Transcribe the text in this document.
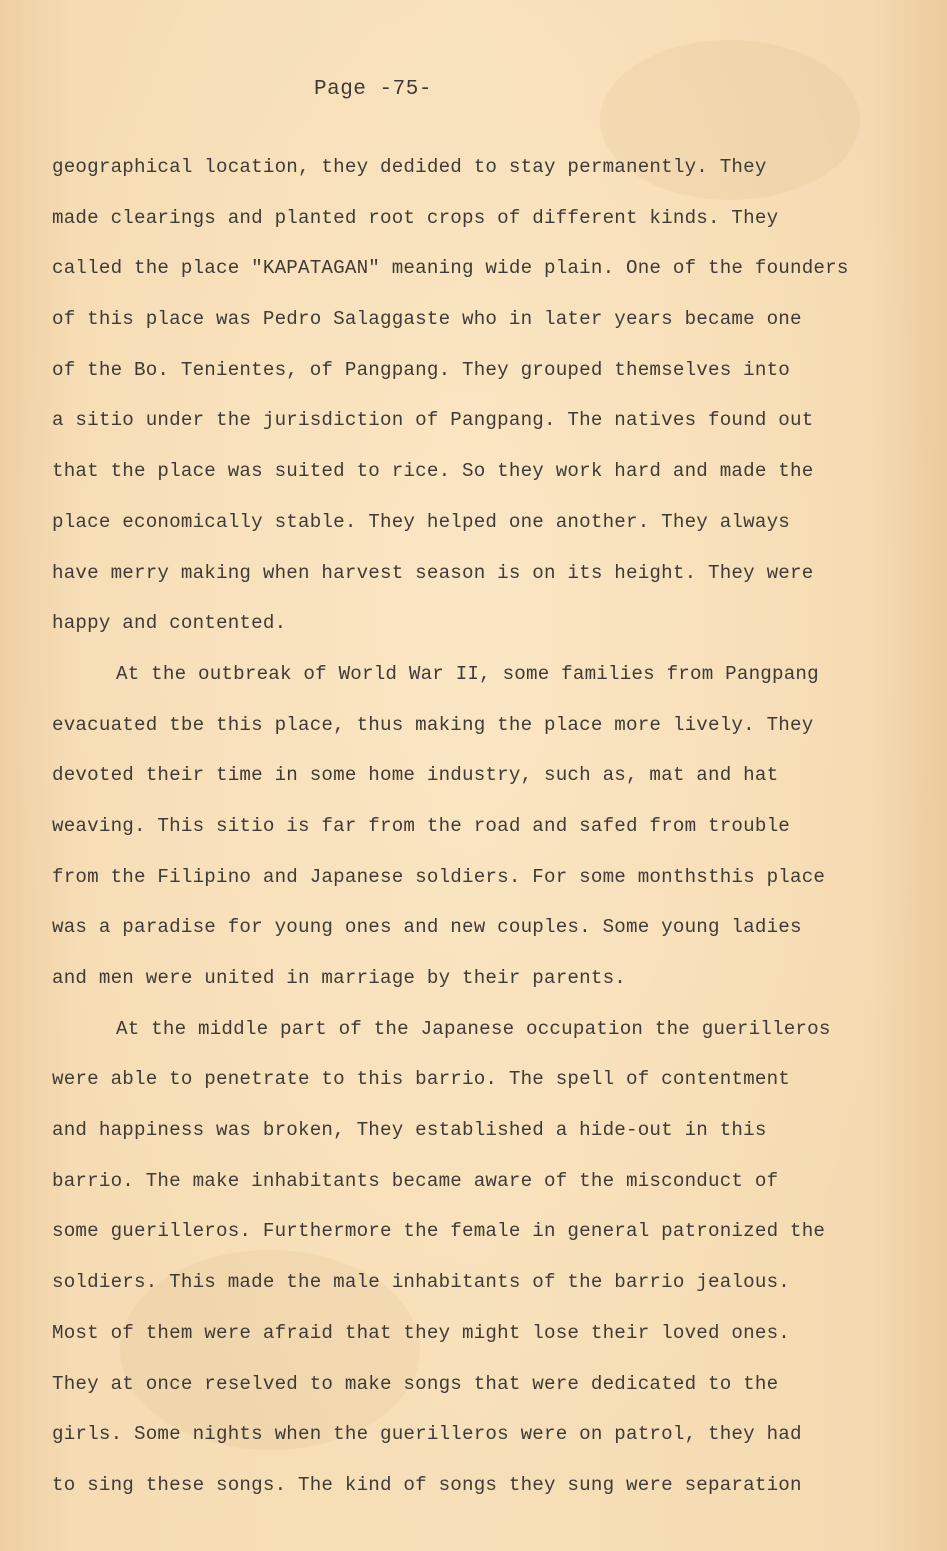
Page -75-
geographical location, they dedided to stay permanently. They
made clearings and planted root crops of different kinds. They
called the place "KAPATAGAN" meaning wide plain. One of the founders
of this place was Pedro Salaggaste who in later years became one
of the Bo. Tenientes, of Pangpang. They grouped themselves into
a sitio under the jurisdiction of Pangpang. The natives found out
that the place was suited to rice. So they work hard and made the
place economically stable. They helped one another. They always
have merry making when harvest season is on its height. They were
happy and contented.
At the outbreak of World War II, some families from Pangpang
evacuated tbe this place, thus making the place more lively. They
devoted their time in some home industry, such as, mat and hat
weaving. This sitio is far from the road and safed from trouble
from the Filipino and Japanese soldiers. For some monthsthis place
was a paradise for young ones and new couples. Some young ladies
and men were united in marriage by their parents.
At the middle part of the Japanese occupation the guerilleros
were able to penetrate to this barrio. The spell of contentment
and happiness was broken, They established a hide-out in this
barrio. The make inhabitants became aware of the misconduct of
some guerilleros. Furthermore the female in general patronized the
soldiers. This made the male inhabitants of the barrio jealous.
Most of them were afraid that they might lose their loved ones.
They at once reselved to make songs that were dedicated to the
girls. Some nights when the guerilleros were on patrol, they had
to sing these songs. The kind of songs they sung were separation
